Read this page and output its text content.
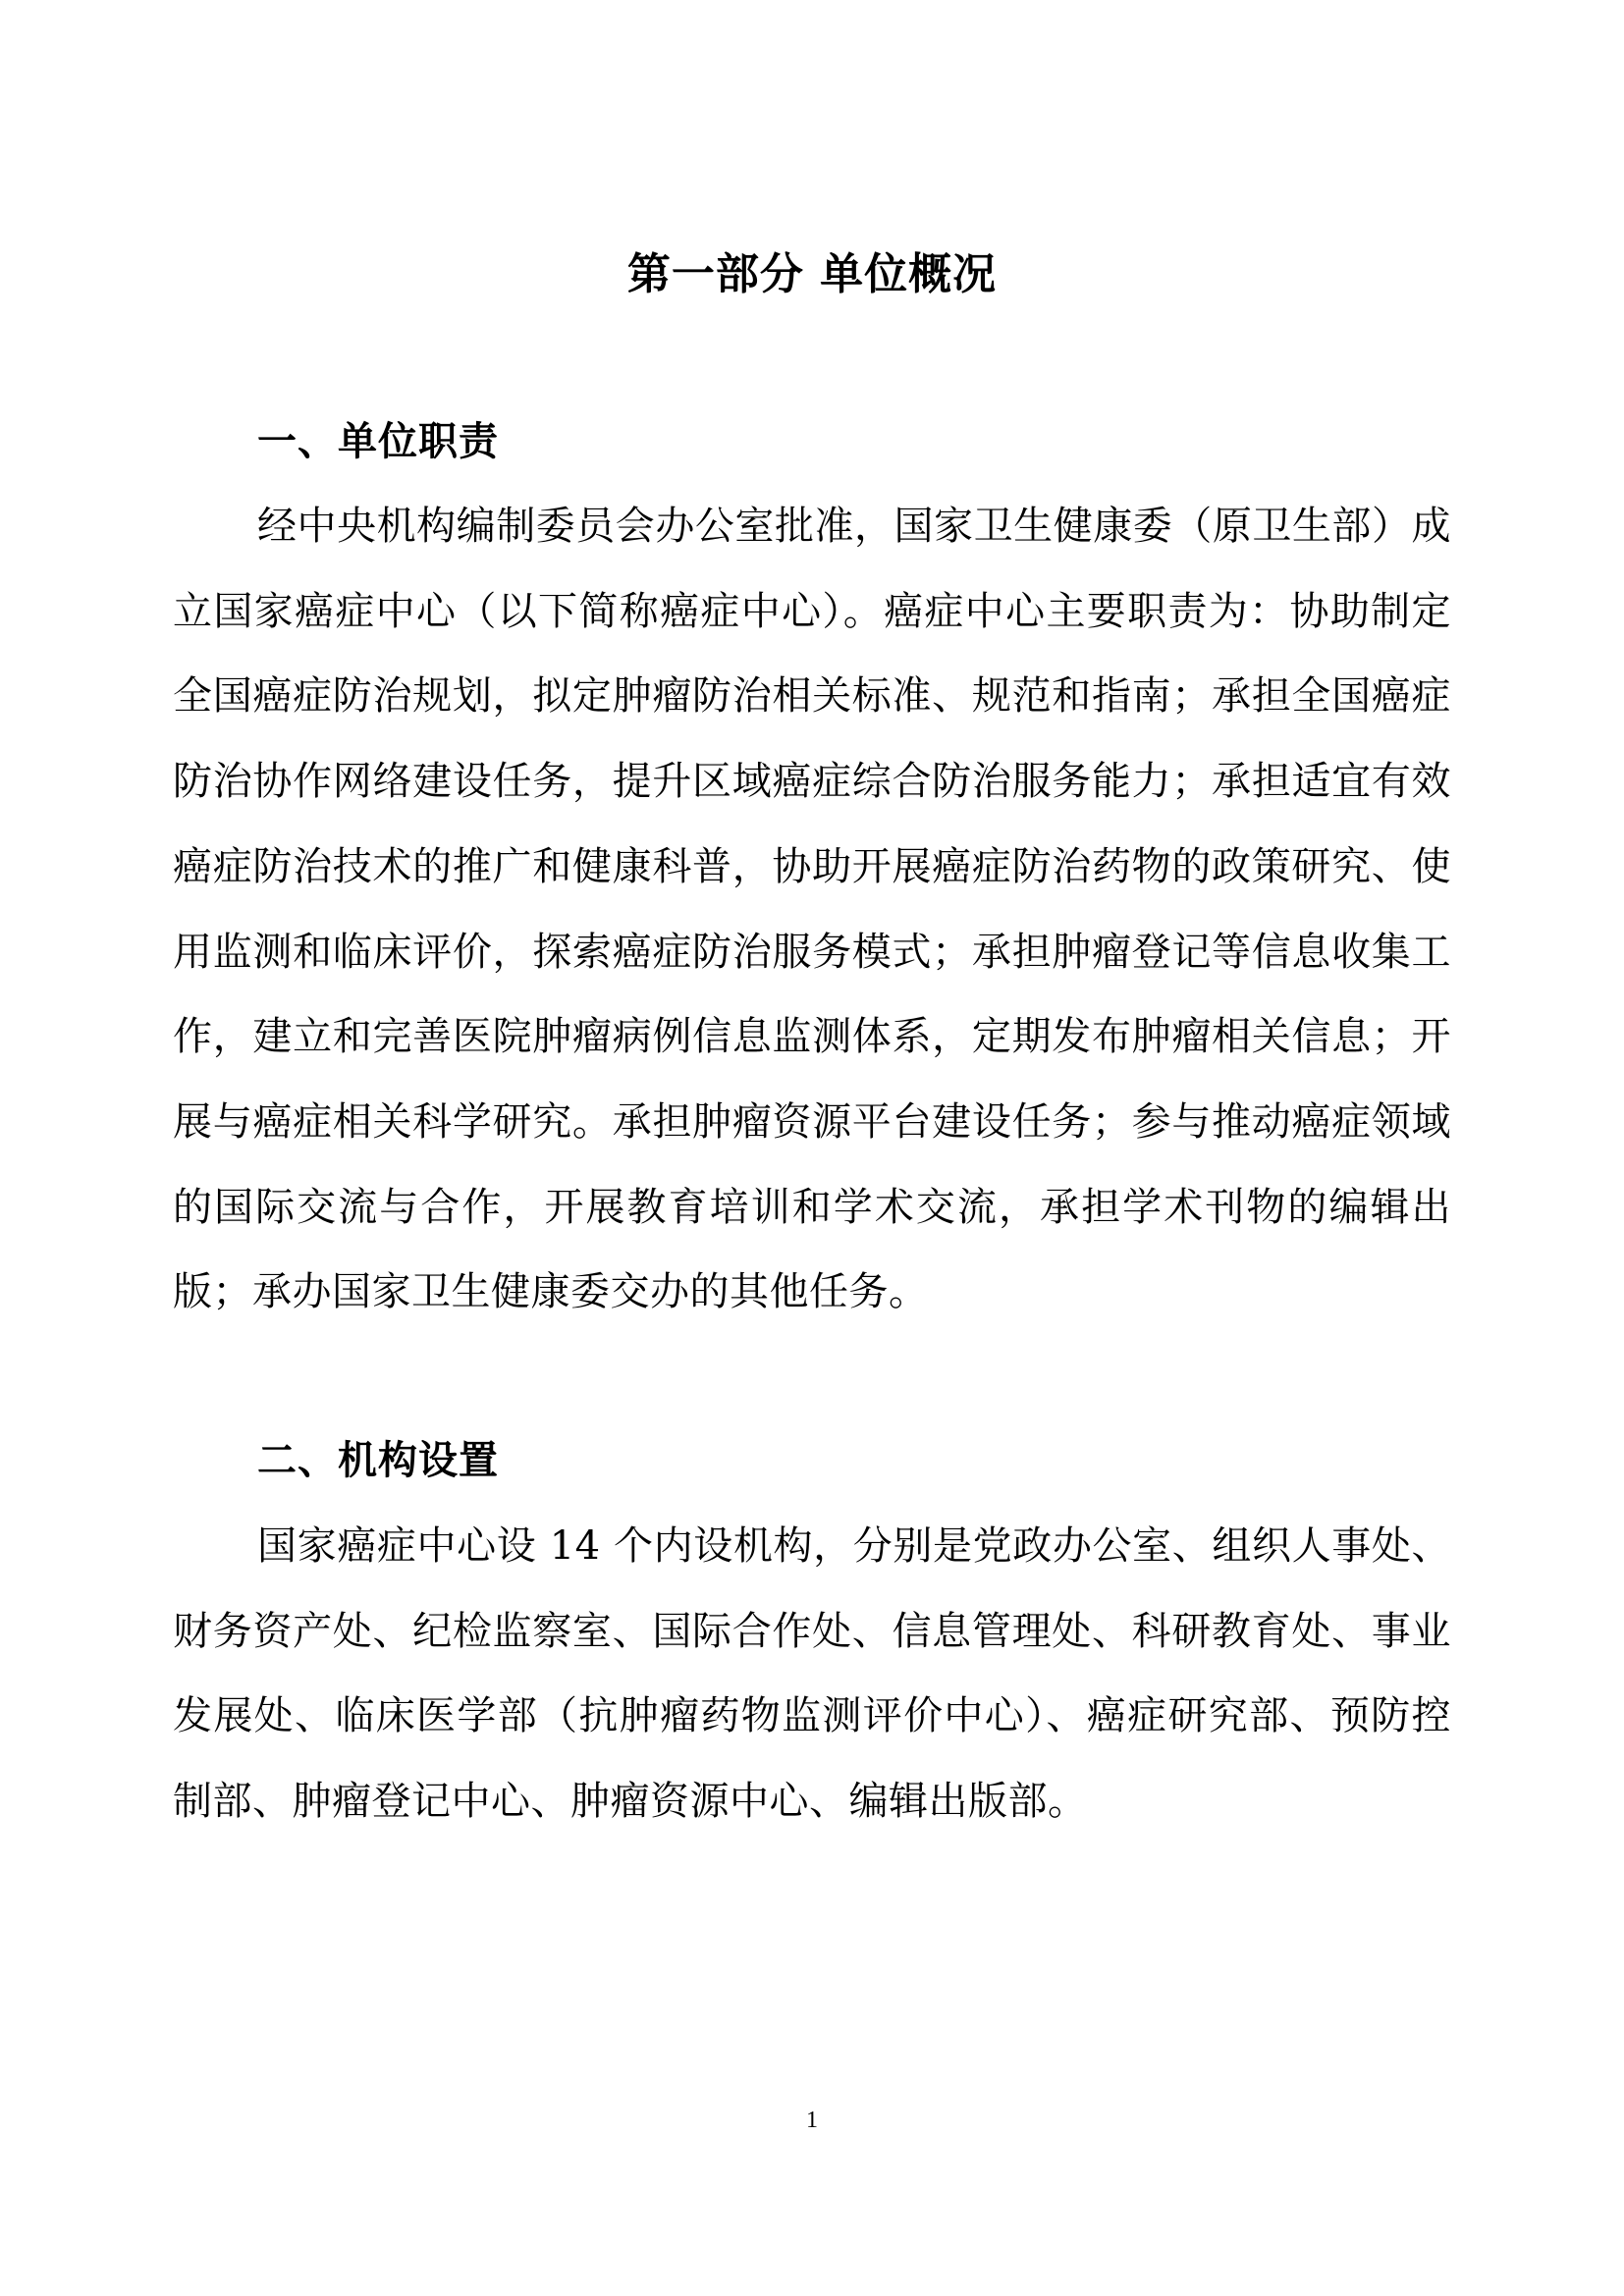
第一部分 单位概况
一、单位职责

经中央机构编制委员会办公室批准，国家卫生健康委（原卫生部）成立国家癌症中心（以下简称癌症中心）。癌症中心主要职责为：协助制定全国癌症防治规划，拟定肿瘤防治相关标准、规范和指南；承担全国癌症防治协作网络建设任务，提升区域癌症综合防治服务能力；承担适宜有效癌症防治技术的推广和健康科普，协助开展癌症防治药物的政策研究、使用监测和临床评价，探索癌症防治服务模式；承担肿瘤登记等信息收集工作，建立和完善医院肿瘤病例信息监测体系，定期发布肿瘤相关信息；开展与癌症相关科学研究。承担肿瘤资源平台建设任务；参与推动癌症领域的国际交流与合作，开展教育培训和学术交流，承担学术刊物的编辑出版；承办国家卫生健康委交办的其他任务。

二、机构设置

国家癌症中心设 14 个内设机构，分别是党政办公室、组织人事处、财务资产处、纪检监察室、国际合作处、信息管理处、科研教育处、事业发展处、临床医学部（抗肿瘤药物监测评价中心）、癌症研究部、预防控制部、肿瘤登记中心、肿瘤资源中心、编辑出版部。

1
